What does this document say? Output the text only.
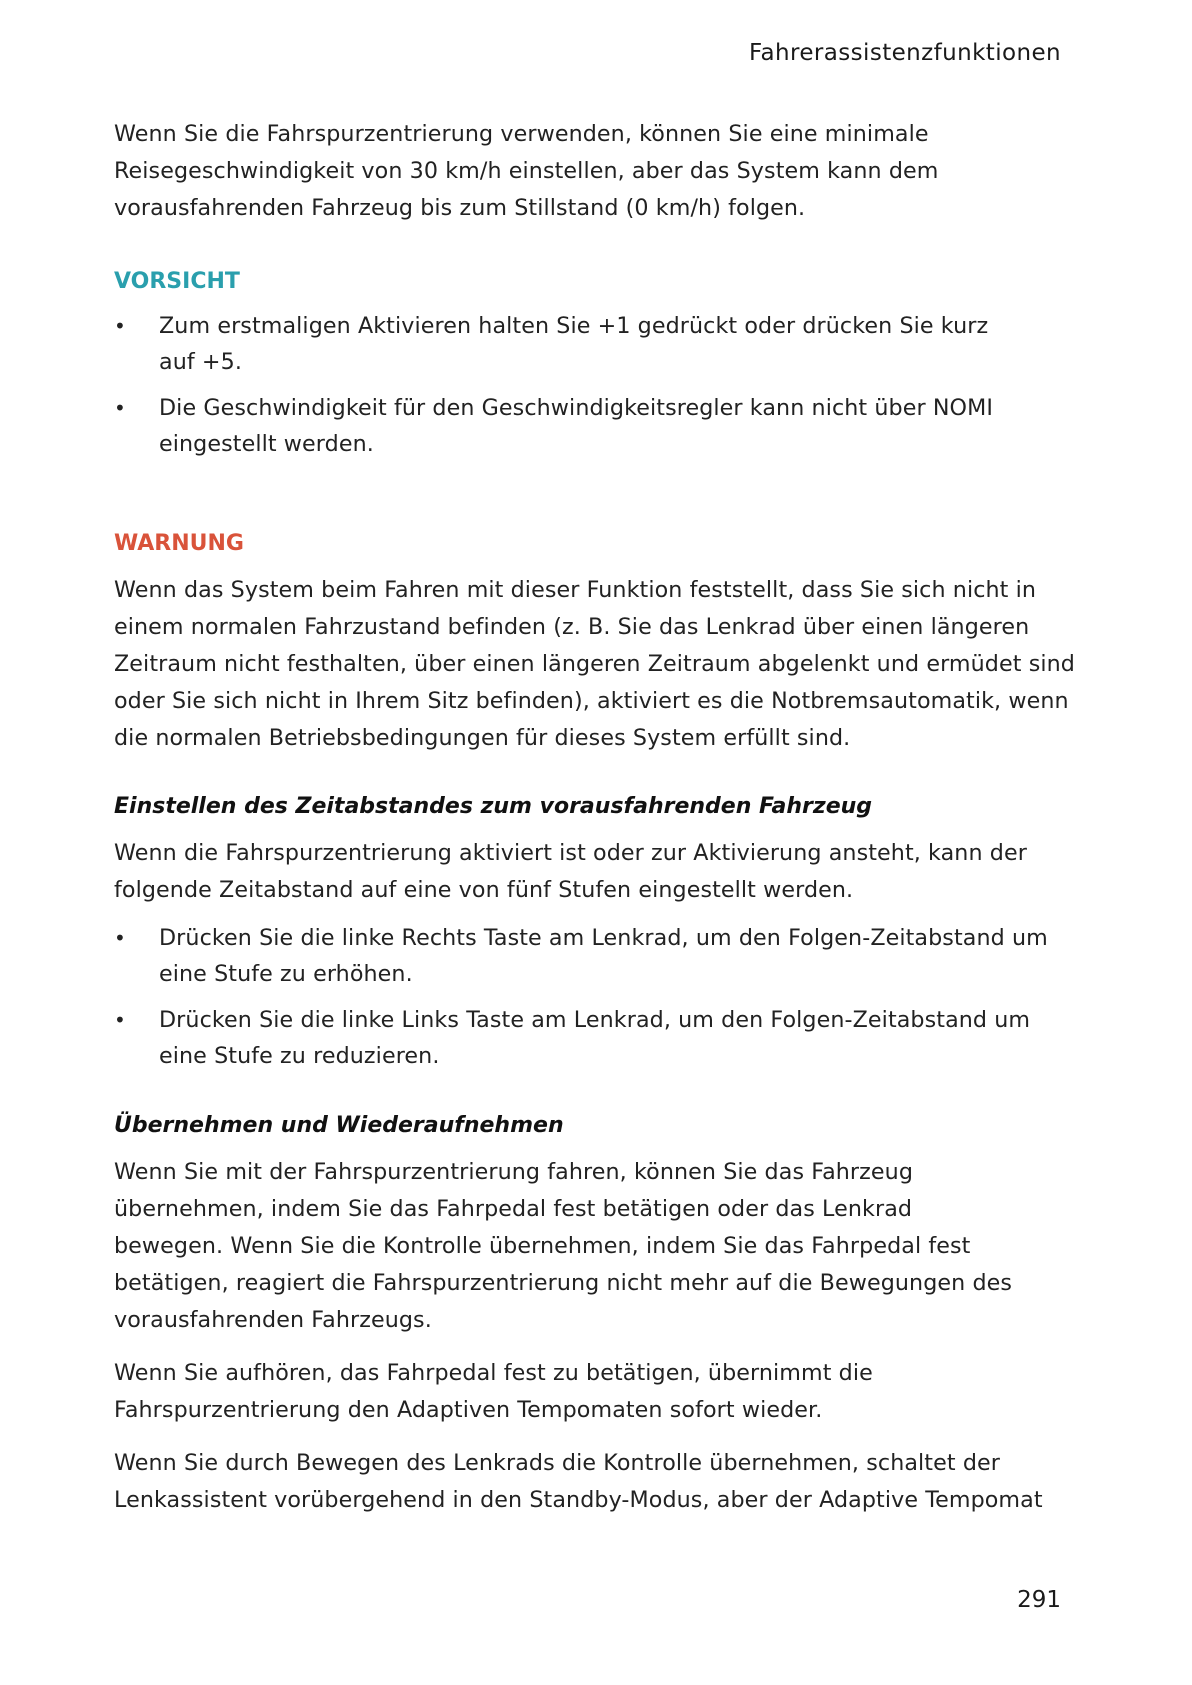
Fahrerassistenzfunktionen

Wenn Sie die Fahrspurzentrierung verwenden, können Sie eine minimale Reisegeschwindigkeit von 30 km/h einstellen, aber das System kann dem vorausfahrenden Fahrzeug bis zum Stillstand (0 km/h) folgen.

VORSICHT
• Zum erstmaligen Aktivieren halten Sie +1 gedrückt oder drücken Sie kurz auf +5.
• Die Geschwindigkeit für den Geschwindigkeitsregler kann nicht über NOMI eingestellt werden.
WARNUNG

Wenn das System beim Fahren mit dieser Funktion feststellt, dass Sie sich nicht in einem normalen Fahrzustand befinden (z. B. Sie das Lenkrad über einen längeren Zeitraum nicht festhalten, über einen längeren Zeitraum abgelenkt und ermüdet sind oder Sie sich nicht in Ihrem Sitz befinden), aktiviert es die Notbremsautomatik, wenn die normalen Betriebsbedingungen für dieses System erfüllt sind.

Einstellen des Zeitabstandes zum vorausfahrenden Fahrzeug

Wenn die Fahrspurzentrierung aktiviert ist oder zur Aktivierung ansteht, kann der folgende Zeitabstand auf eine von fünf Stufen eingestellt werden.

• Drücken Sie die linke Rechts Taste am Lenkrad, um den Folgen-Zeitabstand um eine Stufe zu erhöhen.
• Drücken Sie die linke Links Taste am Lenkrad, um den Folgen-Zeitabstand um eine Stufe zu reduzieren.
Übernehmen und Wiederaufnehmen

Wenn Sie mit der Fahrspurzentrierung fahren, können Sie das Fahrzeug übernehmen, indem Sie das Fahrpedal fest betätigen oder das Lenkrad bewegen. Wenn Sie die Kontrolle übernehmen, indem Sie das Fahrpedal fest betätigen, reagiert die Fahrspurzentrierung nicht mehr auf die Bewegungen des vorausfahrenden Fahrzeugs.

Wenn Sie aufhören, das Fahrpedal fest zu betätigen, übernimmt die Fahrspurzentrierung den Adaptiven Tempomaten sofort wieder.

Wenn Sie durch Bewegen des Lenkrads die Kontrolle übernehmen, schaltet der Lenkassistent vorübergehend in den Standby-Modus, aber der Adaptive Tempomat

291
